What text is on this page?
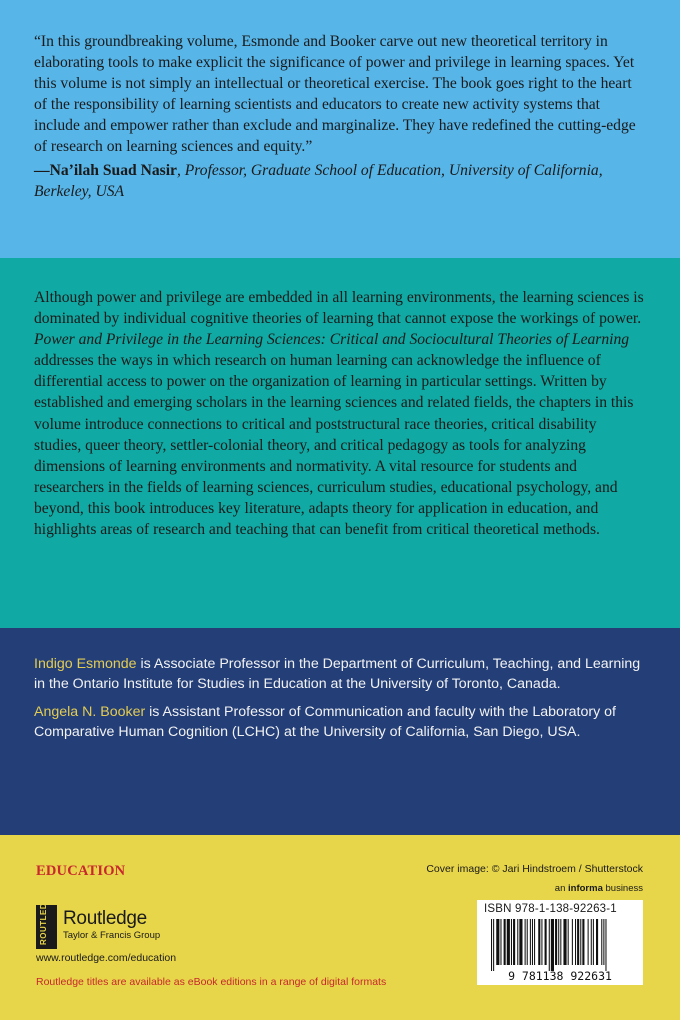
“In this groundbreaking volume, Esmonde and Booker carve out new theoretical territory in elaborating tools to make explicit the significance of power and privilege in learning spaces. Yet this volume is not simply an intellectual or theoretical exercise. The book goes right to the heart of the responsibility of learning scientists and educators to create new activity systems that include and empower rather than exclude and marginalize. They have redefined the cutting-edge of research on learning sciences and equity.”

—Na’ilah Suad Nasir, Professor, Graduate School of Education, University of California, Berkeley, USA

Although power and privilege are embedded in all learning environments, the learning sciences is dominated by individual cognitive theories of learning that cannot expose the workings of power. Power and Privilege in the Learning Sciences: Critical and Sociocultural Theories of Learning addresses the ways in which research on human learning can acknowledge the influence of differential access to power on the organization of learning in particular settings. Written by established and emerging scholars in the learning sciences and related fields, the chapters in this volume introduce connections to critical and poststructural race theories, critical disability studies, queer theory, settler-colonial theory, and critical pedagogy as tools for analyzing dimensions of learning environments and normativity. A vital resource for students and researchers in the fields of learning sciences, curriculum studies, educational psychology, and beyond, this book introduces key literature, adapts theory for application in education, and highlights areas of research and teaching that can benefit from critical theoretical methods.

Indigo Esmonde is Associate Professor in the Department of Curriculum, Teaching, and Learning in the Ontario Institute for Studies in Education at the University of Toronto, Canada.

Angela N. Booker is Assistant Professor of Communication and faculty with the Laboratory of Comparative Human Cognition (LCHC) at the University of California, San Diego, USA.

EDUCATION
ROUTLEDGE Routledge
Taylor & Francis Group
www.routledge.com/education
Routledge titles are available as eBook editions in a range of digital formats
Cover image: © Jari Hindstroem / Shutterstock
an informa business
ISBN 978-1-138-92263-1
9 781138 922631
